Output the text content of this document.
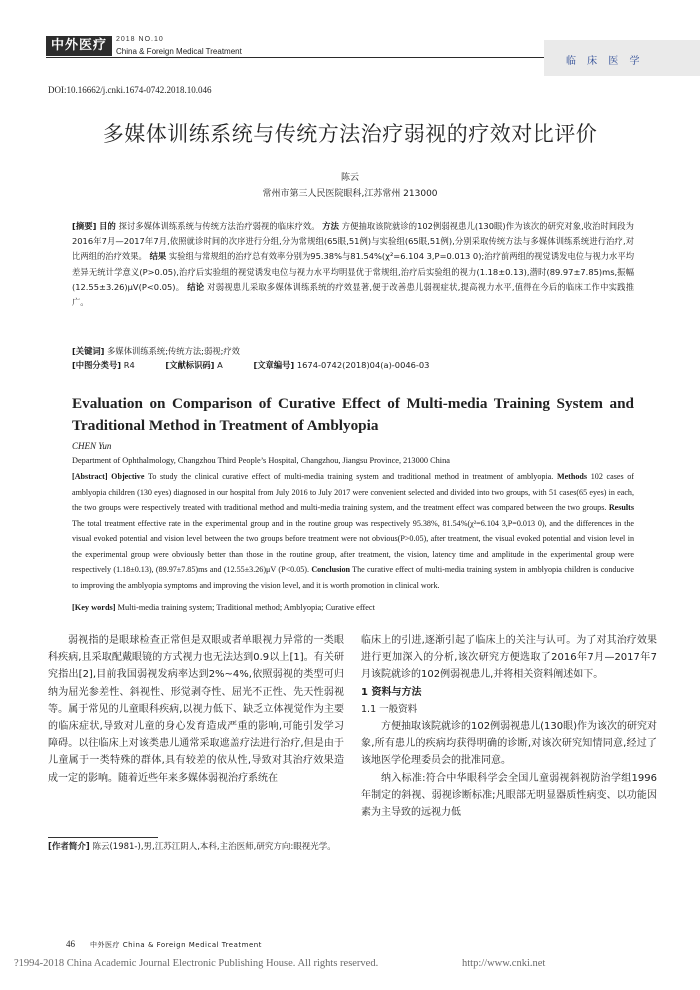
中外医疗	2018 NO.10
China & Foreign Medical Treatment
临 床 医 学
DOI:10.16662/j.cnki.1674-0742.2018.10.046
多媒体训练系统与传统方法治疗弱视的疗效对比评价
陈云
常州市第三人民医院眼科,江苏常州 213000
[摘要] 目的 探讨多媒体训练系统与传统方法治疗弱视的临床疗效。 方法 方便抽取该院就诊的102例弱视患儿(130眼)作为该次的研究对象,收治时间段为2016年7月—2017年7月,依照就诊时间的次序进行分组,分为常规组(65眼,51例)与实验组(65眼,51例),分别采取传统方法与多媒体训练系统进行治疗,对比两组的治疗效果。 结果 实验组与常规组的治疗总有效率分别为95.38%与81.54%(χ²=6.104 3,P=0.013 0);治疗前两组的视觉诱发电位与视力水平均差异无统计学意义(P>0.05),治疗后实验组的视觉诱发电位与视力水平均明显优于常规组,治疗后实验组的视力(1.18±0.13),潜时(89.97±7.85)ms,振幅(12.55±3.26)μV(P<0.05)。 结论 对弱视患儿采取多媒体训练系统的疗效显著,便于改善患儿弱视症状,提高视力水平,值得在今后的临床工作中实践推广。
[关键词] 多媒体训练系统;传统方法;弱视;疗效
[中图分类号] R4	[文献标识码] A	[文章编号] 1674-0742(2018)04(a)-0046-03
Evaluation on Comparison of Curative Effect of Multi-media Training System and Traditional Method in Treatment of Amblyopia
CHEN Yun
Department of Ophthalmology, Changzhou Third People’s Hospital, Changzhou, Jiangsu Province, 213000 China
[Abstract] Objective To study the clinical curative effect of multi-media training system and traditional method in treatment of amblyopia. Methods 102 cases of amblyopia children (130 eyes) diagnosed in our hospital from July 2016 to July 2017 were convenient selected and divided into two groups, with 51 cases(65 eyes) in each, the two groups were respectively treated with traditional method and multi-media training system, and the treatment effect was compared between the two groups. Results The total treatment effective rate in the experimental group and in the routine group was respectively 95.38%, 81.54%(χ²=6.104 3,P=0.013 0), and the differences in the visual evoked potential and vision level between the two groups before treatment were not obvious(P>0.05), after treatment, the visual evoked potential and vision level in the experimental group were obviously better than those in the routine group, after treatment, the vision, latency time and amplitude in the experimental group were respectively (1.18±0.13), (89.97±7.85)ms and (12.55±3.26)μV (P<0.05). Conclusion The curative effect of multi-media training system in amblyopia children is conducive to improving the amblyopia symptoms and improving the vision level, and it is worth promotion in clinical work.
[Key words] Multi-media training system; Traditional method; Amblyopia; Curative effect

弱视指的是眼球检查正常但是双眼或者单眼视力异常的一类眼科疾病,且采取配戴眼镜的方式视力也无法达到0.9以上[1]。有关研究指出[2],目前我国弱视发病率达到2%~4%,依照弱视的类型可归纳为屈光参差性、斜视性、形觉剥夺性、屈光不正性、先天性弱视等。属于常见的儿童眼科疾病,以视力低下、缺乏立体视觉作为主要的临床症状,导致对儿童的身心发育造成严重的影响,可能引发学习障碍。以往临床上对该类患儿通常采取遮盖疗法进行治疗,但是由于儿童属于一类特殊的群体,具有较差的依从性,导致对其治疗效果造成一定的影响。随着近些年来多媒体弱视治疗系统在

[作者简介] 陈云(1981-),男,江苏江阴人,本科,主治医师,研究方向:眼视光学。

临床上的引进,逐渐引起了临床上的关注与认可。为了对其治疗效果进行更加深入的分析,该次研究方便选取了2016年7月—2017年7月该院就诊的102例弱视患儿,并将相关资料阐述如下。

1 资料与方法

1.1 一般资料

方便抽取该院就诊的102例弱视患儿(130眼)作为该次的研究对象,所有患儿的疾病均获得明确的诊断,对该次研究知情同意,经过了该地医学伦理委员会的批准同意。

纳入标准:符合中华眼科学会全国儿童弱视斜视防治学组1996年制定的斜视、弱视诊断标准;凡眼部无明显器质性病变、以功能因素为主导致的远视力低

46 中外医疗 China & Foreign Medical Treatment
?1994-2018 China Academic Journal Electronic Publishing House. All rights reserved.	http://www.cnki.net
